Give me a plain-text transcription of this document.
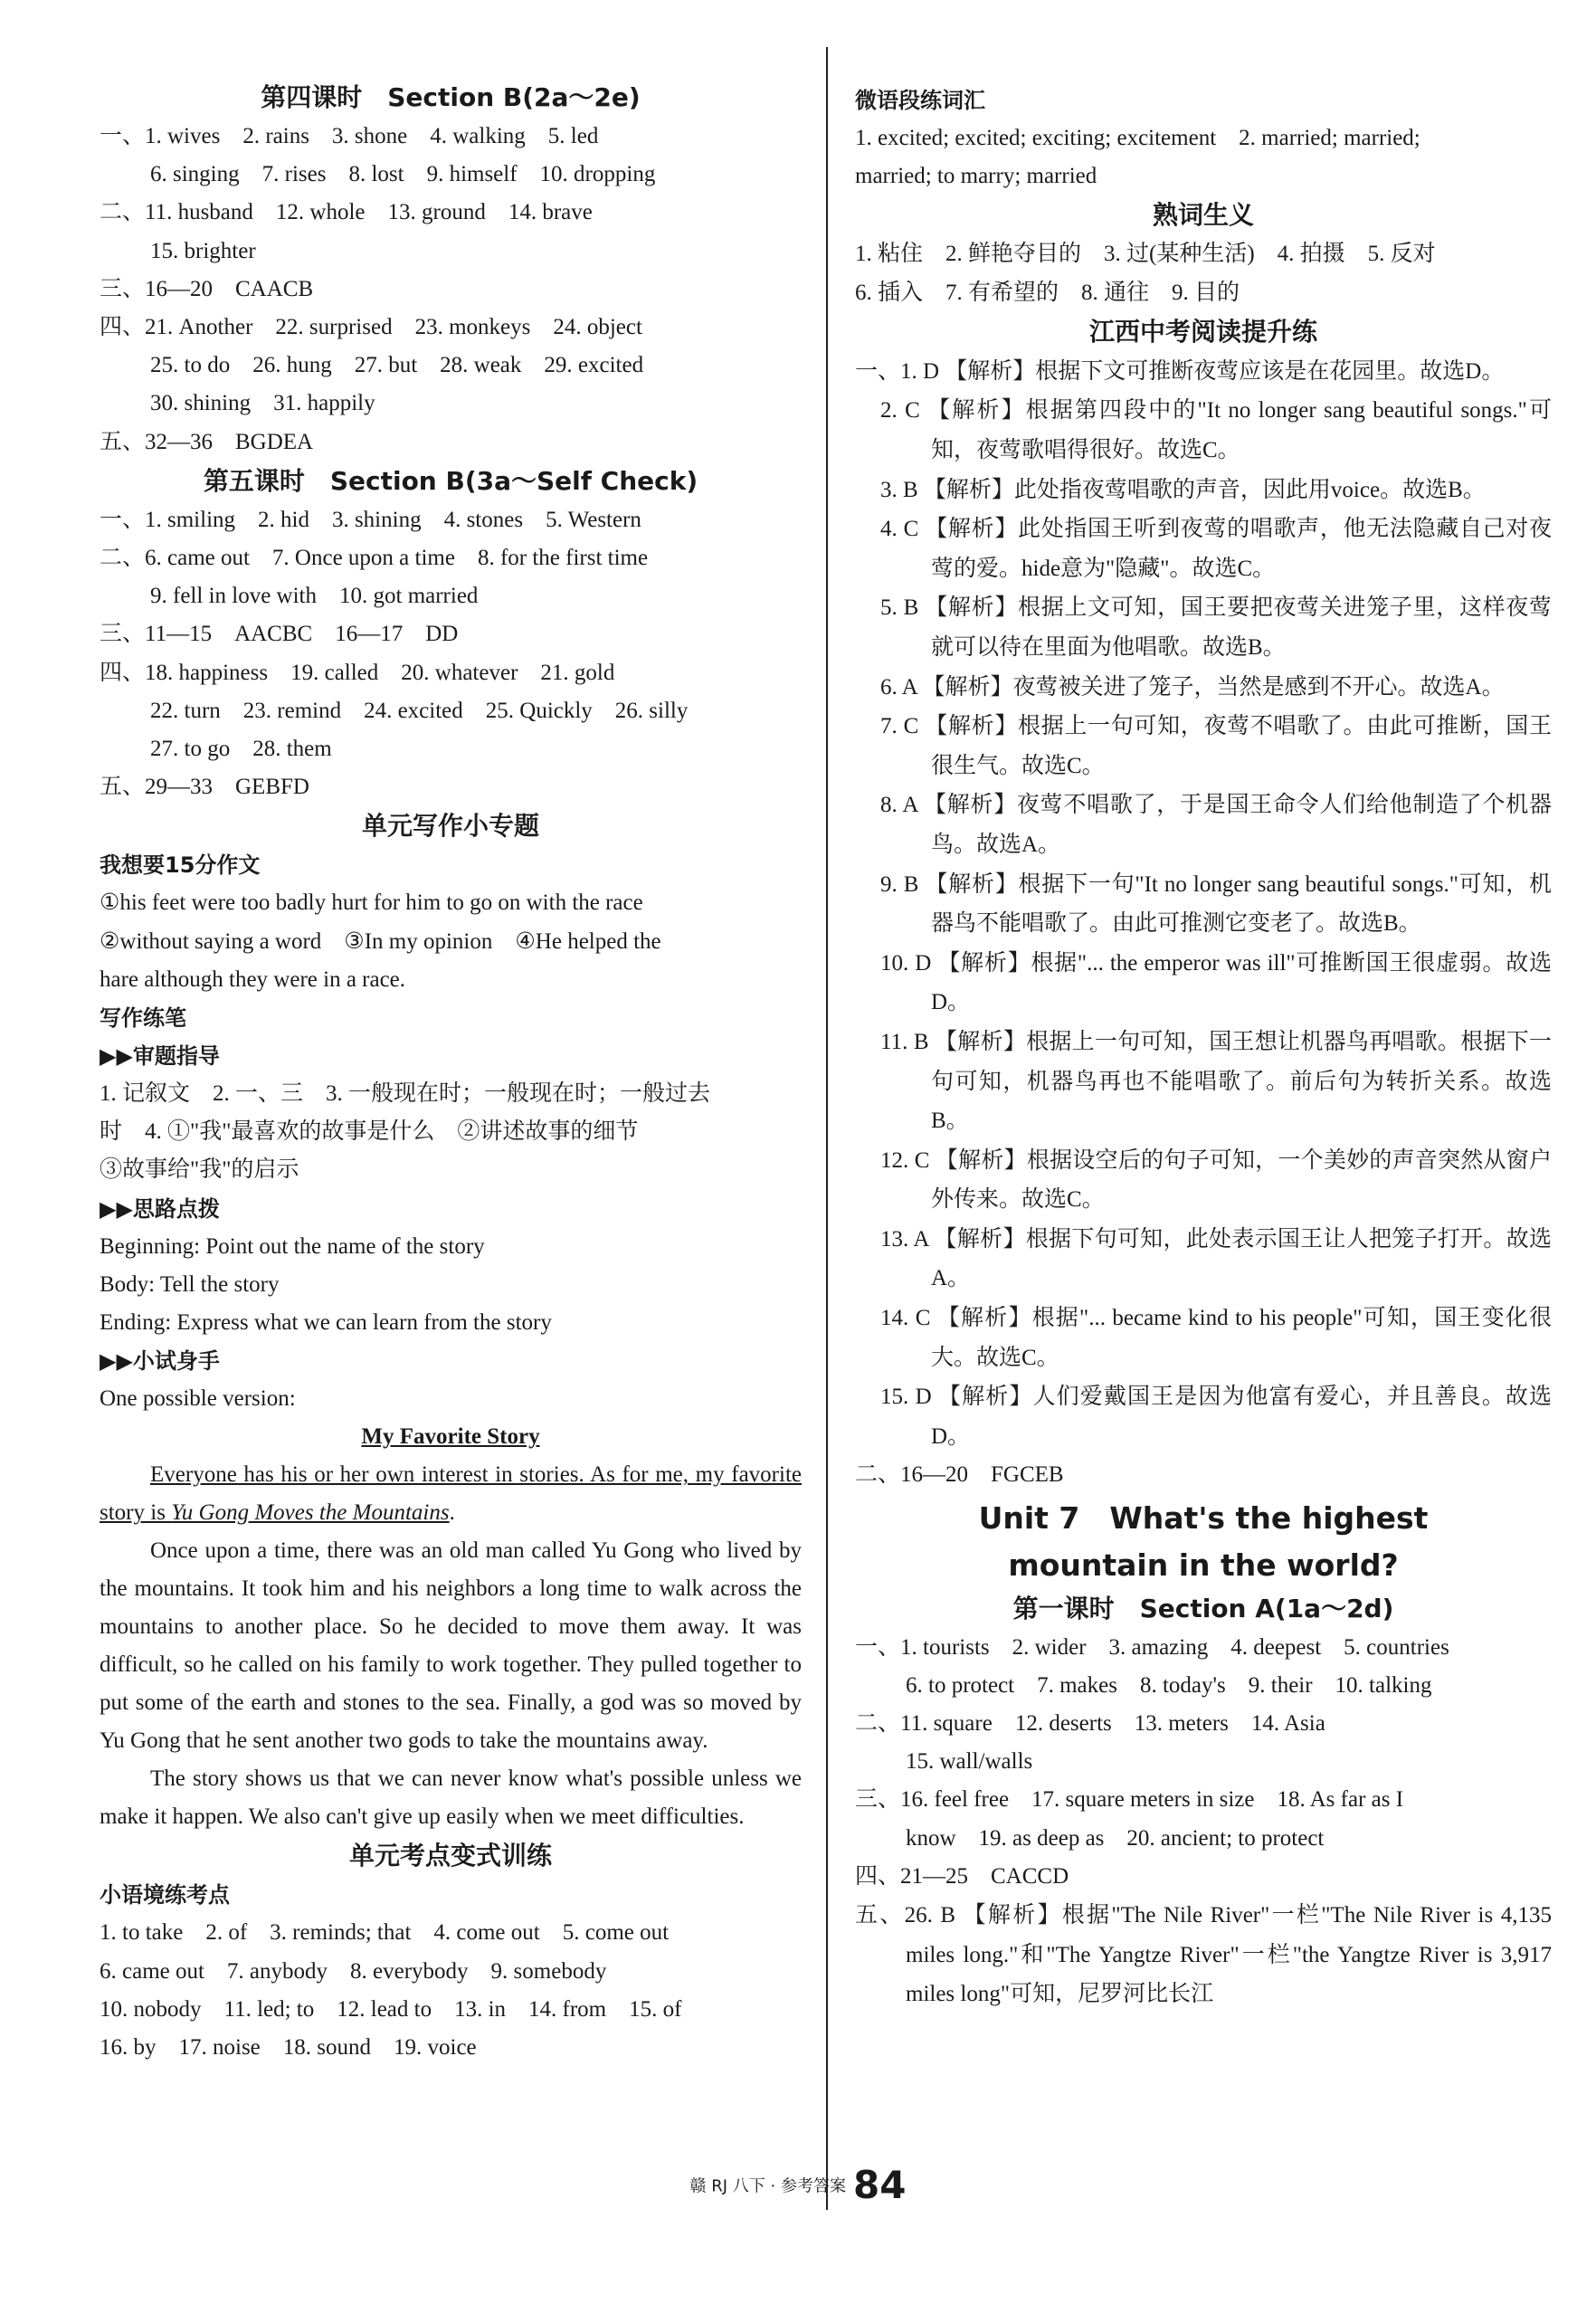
第四课时　Section B(2a～2e)
一、1. wives　2. rains　3. shone　4. walking　5. led
6. singing　7. rises　8. lost　9. himself　10. dropping
二、11. husband　12. whole　13. ground　14. brave
15. brighter
三、16—20　CAACB
四、21. Another　22. surprised　23. monkeys　24. object
25. to do　26. hung　27. but　28. weak　29. excited
30. shining　31. happily
五、32—36　BGDEA
第五课时　Section B(3a～Self Check)
一、1. smiling　2. hid　3. shining　4. stones　5. Western
二、6. came out　7. Once upon a time　8. for the first time
9. fell in love with　10. got married
三、11—15　AACBC　16—17　DD
四、18. happiness　19. called　20. whatever　21. gold
22. turn　23. remind　24. excited　25. Quickly　26. silly
27. to go　28. them
五、29—33　GEBFD
单元写作小专题
我想要15分作文
①his feet were too badly hurt for him to go on with the race
②without saying a word　③In my opinion　④He helped the
hare although they were in a race.
写作练笔
▶▶审题指导
1. 记叙文　2. 一、三　3. 一般现在时；一般现在时；一般过去
时　4. ①"我"最喜欢的故事是什么　②讲述故事的细节
③故事给"我"的启示
▶▶思路点拨
Beginning: Point out the name of the story
Body: Tell the story
Ending: Express what we can learn from the story
▶▶小试身手
One possible version:
My Favorite Story
Everyone has his or her own interest in stories. As for me, my favorite story is Yu Gong Moves the Mountains.
Once upon a time, there was an old man called Yu Gong who lived by the mountains. It took him and his neighbors a long time to walk across the mountains to another place. So he decided to move them away. It was difficult, so he called on his family to work together. They pulled together to put some of the earth and stones to the sea. Finally, a god was so moved by Yu Gong that he sent another two gods to take the mountains away.
The story shows us that we can never know what's possible unless we make it happen. We also can't give up easily when we meet difficulties.
单元考点变式训练
小语境练考点
1. to take　2. of　3. reminds; that　4. come out　5. come out
6. came out　7. anybody　8. everybody　9. somebody
10. nobody　11. led; to　12. lead to　13. in　14. from　15. of
16. by　17. noise　18. sound　19. voice
微语段练词汇
1. excited; excited; exciting; excitement　2. married; married;
married; to marry; married
熟词生义
1. 粘住　2. 鲜艳夺目的　3. 过(某种生活)　4. 拍摄　5. 反对
6. 插入　7. 有希望的　8. 通往　9. 目的
江西中考阅读提升练
一、1. D 【解析】根据下文可推断夜莺应该是在花园里。故选D。
2. C 【解析】根据第四段中的"It no longer sang beautiful songs."可知，夜莺歌唱得很好。故选C。
3. B 【解析】此处指夜莺唱歌的声音，因此用voice。故选B。
4. C 【解析】此处指国王听到夜莺的唱歌声，他无法隐藏自己对夜莺的爱。hide意为"隐藏"。故选C。
5. B 【解析】根据上文可知，国王要把夜莺关进笼子里，这样夜莺就可以待在里面为他唱歌。故选B。
6. A 【解析】夜莺被关进了笼子，当然是感到不开心。故选A。
7. C 【解析】根据上一句可知，夜莺不唱歌了。由此可推断，国王很生气。故选C。
8. A 【解析】夜莺不唱歌了，于是国王命令人们给他制造了个机器鸟。故选A。
9. B 【解析】根据下一句"It no longer sang beautiful songs."可知，机器鸟不能唱歌了。由此可推测它变老了。故选B。
10. D 【解析】根据"... the emperor was ill"可推断国王很虚弱。故选D。
11. B 【解析】根据上一句可知，国王想让机器鸟再唱歌。根据下一句可知，机器鸟再也不能唱歌了。前后句为转折关系。故选B。
12. C 【解析】根据设空后的句子可知，一个美妙的声音突然从窗户外传来。故选C。
13. A 【解析】根据下句可知，此处表示国王让人把笼子打开。故选A。
14. C 【解析】根据"... became kind to his people"可知，国王变化很大。故选C。
15. D 【解析】人们爱戴国王是因为他富有爱心，并且善良。故选D。
二、16—20　FGCEB
Unit 7　What's the highest
mountain in the world?
第一课时　Section A(1a～2d)
一、1. tourists　2. wider　3. amazing　4. deepest　5. countries
6. to protect　7. makes　8. today's　9. their　10. talking
二、11. square　12. deserts　13. meters　14. Asia
15. wall/walls
三、16. feel free　17. square meters in size　18. As far as I
know　19. as deep as　20. ancient; to protect
四、21—25　CACCD
五、26. B 【解析】根据"The Nile River"一栏"The Nile River is 4,135 miles long."和"The Yangtze River"一栏"the Yangtze River is 3,917 miles long"可知，尼罗河比长江
赣 RJ 八下 · 参考答案 84
